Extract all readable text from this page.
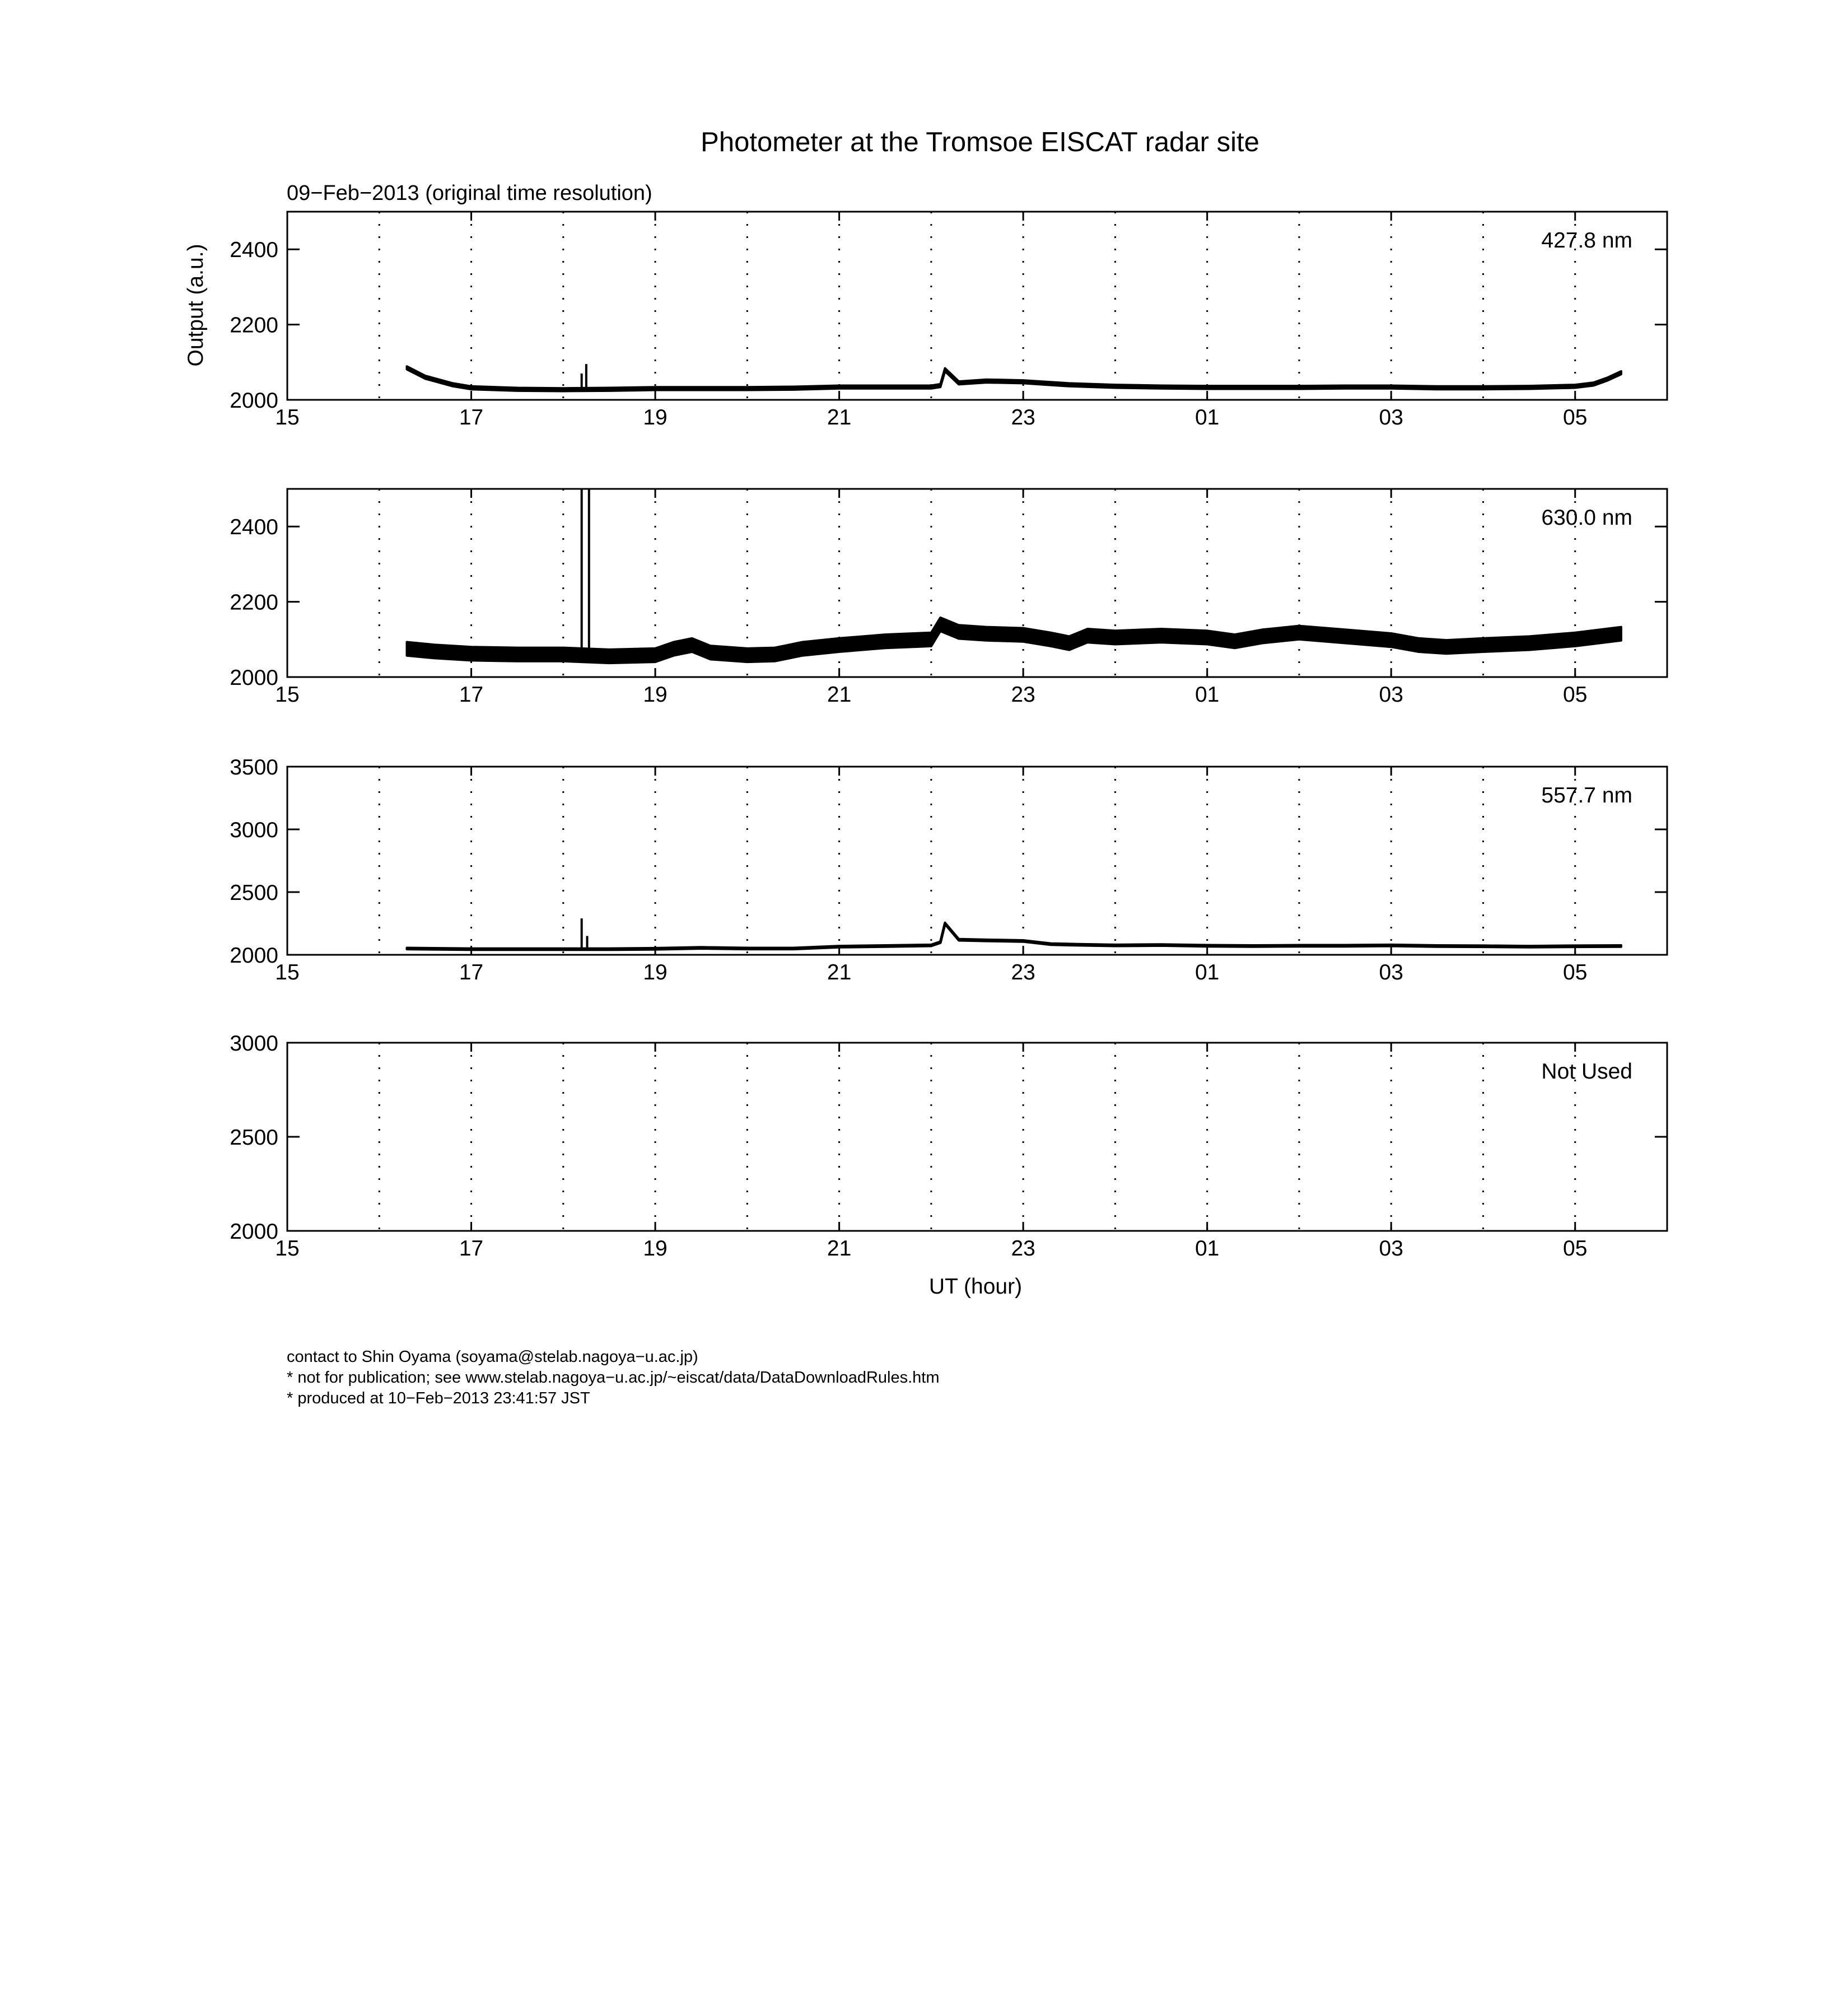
Photometer at the Tromsoe EISCAT radar site
09−Feb−2013 (original time resolution)
Output (a.u.)
UT (hour)
15	17	19	21	23	01	03	05
2000
2200
2400	427.8 nm
15	17	19	21	23	01	03	05
2000
2200
2400	630.0 nm
15	17	19	21	23	01	03	05
2000
2500
3000
3500
557.7 nm
15	17	19	21	23	01	03	05
2000
2500
3000
Not Used
contact to Shin Oyama (soyama@stelab.nagoya−u.ac.jp)
* not for publication; see www.stelab.nagoya−u.ac.jp/~eiscat/data/DataDownloadRules.htm
* produced at 10−Feb−2013 23:41:57 JST
